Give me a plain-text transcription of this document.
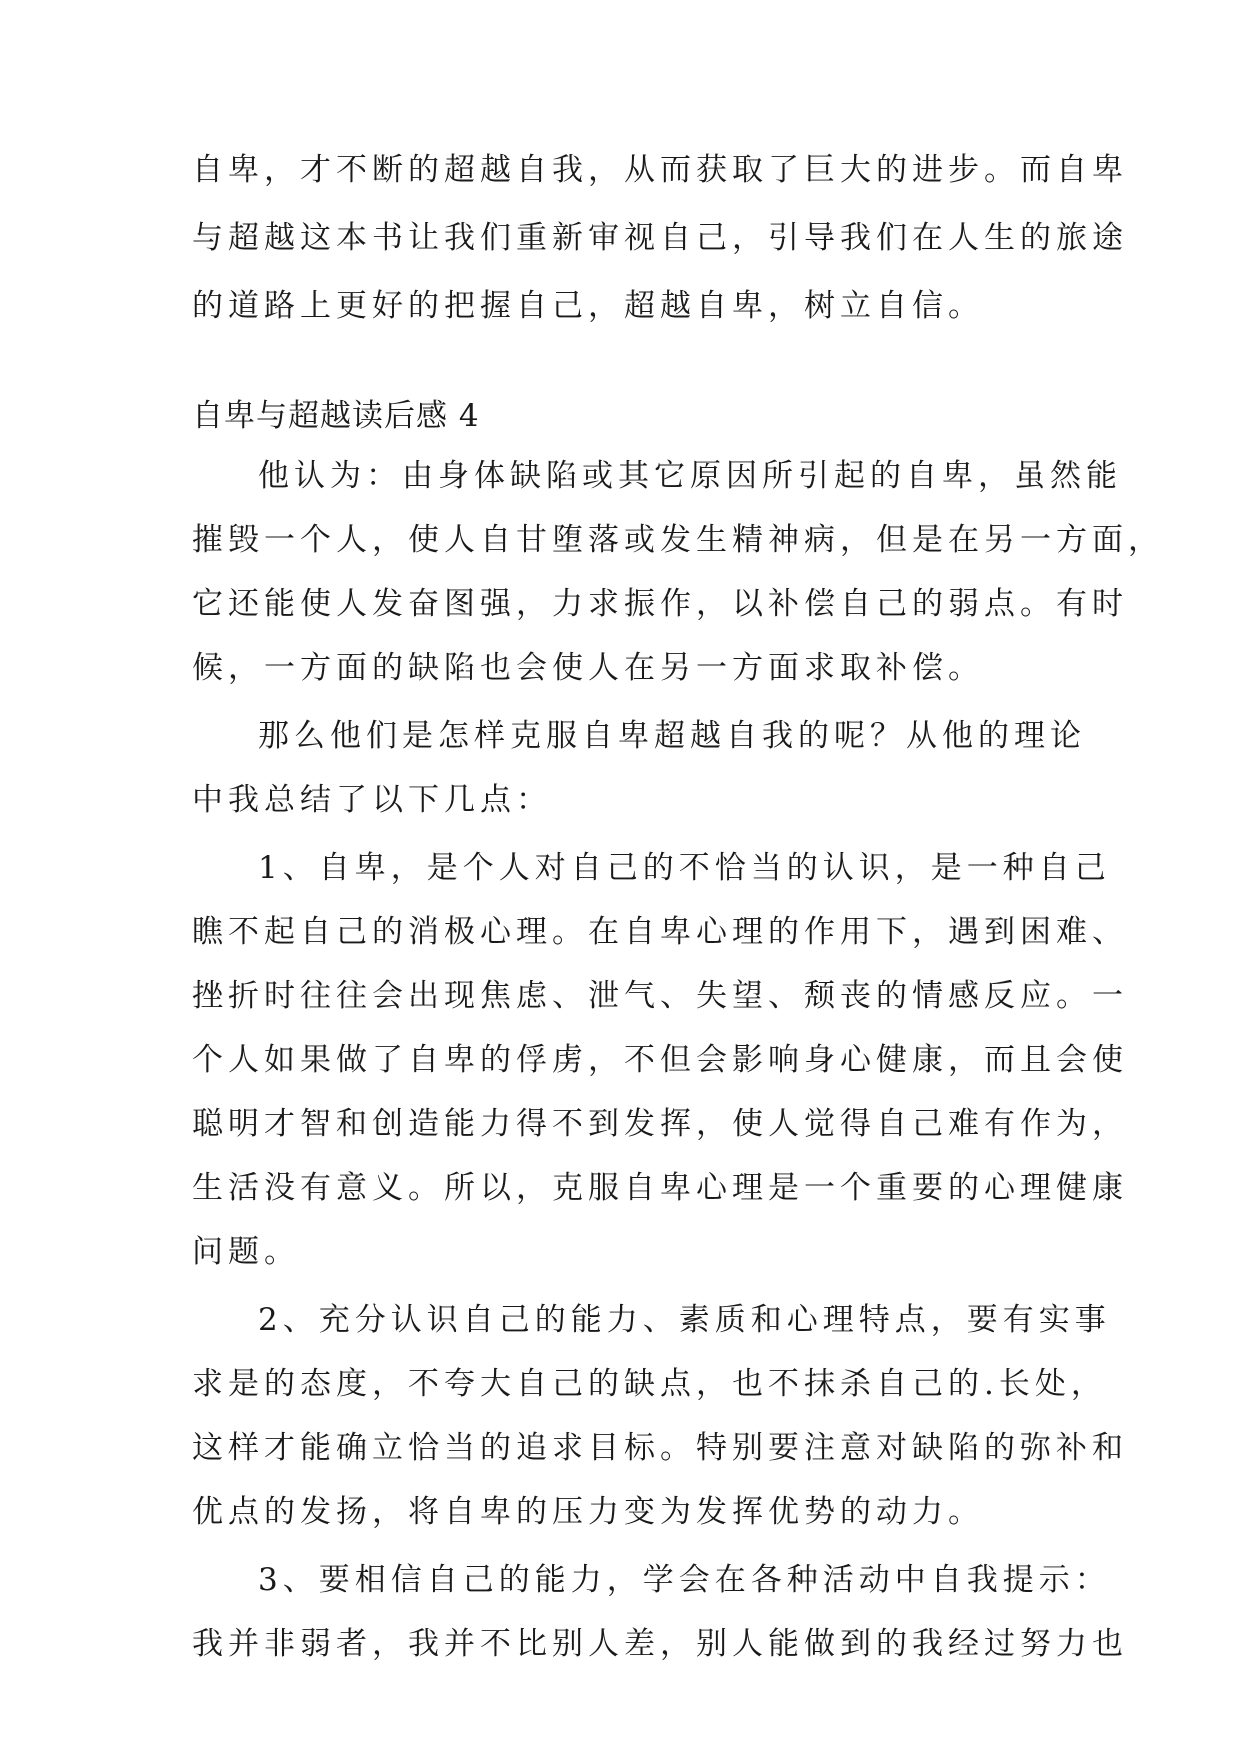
自卑，才不断的超越自我，从而获取了巨大的进步。而自卑
与超越这本书让我们重新审视自己，引导我们在人生的旅途
的道路上更好的把握自己，超越自卑，树立自信。
自卑与超越读后感 4
他认为：由身体缺陷或其它原因所引起的自卑，虽然能
摧毁一个人，使人自甘堕落或发生精神病，但是在另一方面，
它还能使人发奋图强，力求振作，以补偿自己的弱点。有时
候，一方面的缺陷也会使人在另一方面求取补偿。
那么他们是怎样克服自卑超越自我的呢？从他的理论
中我总结了以下几点：
1、自卑，是个人对自己的不恰当的认识，是一种自己
瞧不起自己的消极心理。在自卑心理的作用下，遇到困难、
挫折时往往会出现焦虑、泄气、失望、颓丧的情感反应。一
个人如果做了自卑的俘虏，不但会影响身心健康，而且会使
聪明才智和创造能力得不到发挥，使人觉得自己难有作为，
生活没有意义。所以，克服自卑心理是一个重要的心理健康
问题。
2、充分认识自己的能力、素质和心理特点，要有实事
求是的态度，不夸大自己的缺点，也不抹杀自己的.长处，
这样才能确立恰当的追求目标。特别要注意对缺陷的弥补和
优点的发扬，将自卑的压力变为发挥优势的动力。
3、要相信自己的能力，学会在各种活动中自我提示：
我并非弱者，我并不比别人差，别人能做到的我经过努力也
